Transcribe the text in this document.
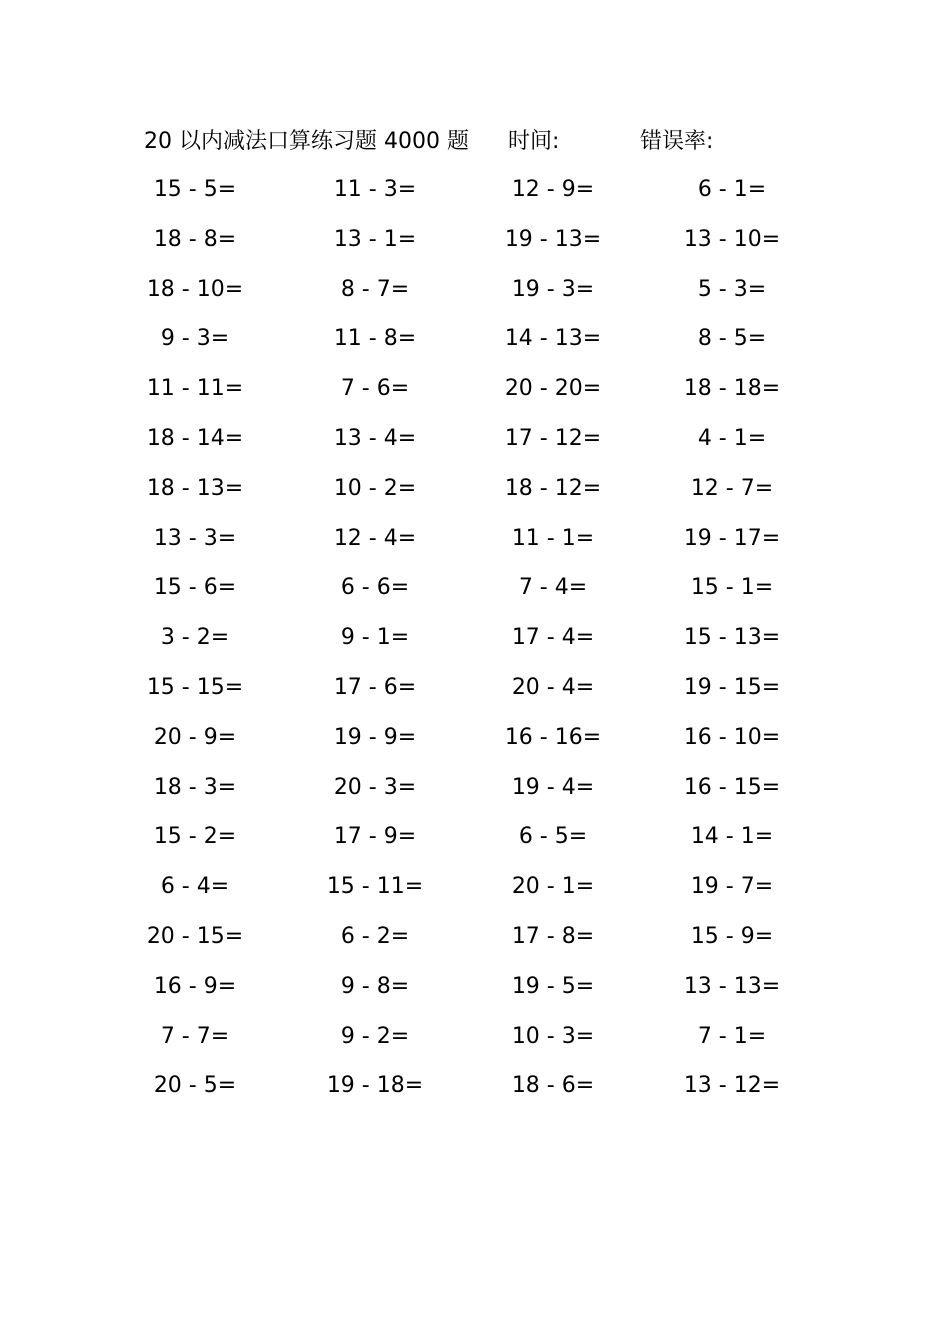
20 以内减法口算练习题 4000 题 时间:	错误率:
15 - 5=	11 - 3=	12 - 9=	6 - 1=
18 - 8=	13 - 1=	19 - 13=	13 - 10=
18 - 10=	8 - 7=	19 - 3=	5 - 3=
9 - 3=	11 - 8=	14 - 13=	8 - 5=
11 - 11=	7 - 6=	20 - 20=	18 - 18=
18 - 14=	13 - 4=	17 - 12=	4 - 1=
18 - 13=	10 - 2=	18 - 12=	12 - 7=
13 - 3=	12 - 4=	11 - 1=	19 - 17=
15 - 6=	6 - 6=	7 - 4=	15 - 1=
3 - 2=	9 - 1=	17 - 4=	15 - 13=
15 - 15=	17 - 6=	20 - 4=	19 - 15=
20 - 9=	19 - 9=	16 - 16=	16 - 10=
18 - 3=	20 - 3=	19 - 4=	16 - 15=
15 - 2=	17 - 9=	6 - 5=	14 - 1=
6 - 4=	15 - 11=	20 - 1=	19 - 7=
20 - 15=	6 - 2=	17 - 8=	15 - 9=
16 - 9=	9 - 8=	19 - 5=	13 - 13=
7 - 7=	9 - 2=	10 - 3=	7 - 1=
20 - 5=	19 - 18=	18 - 6=	13 - 12=
